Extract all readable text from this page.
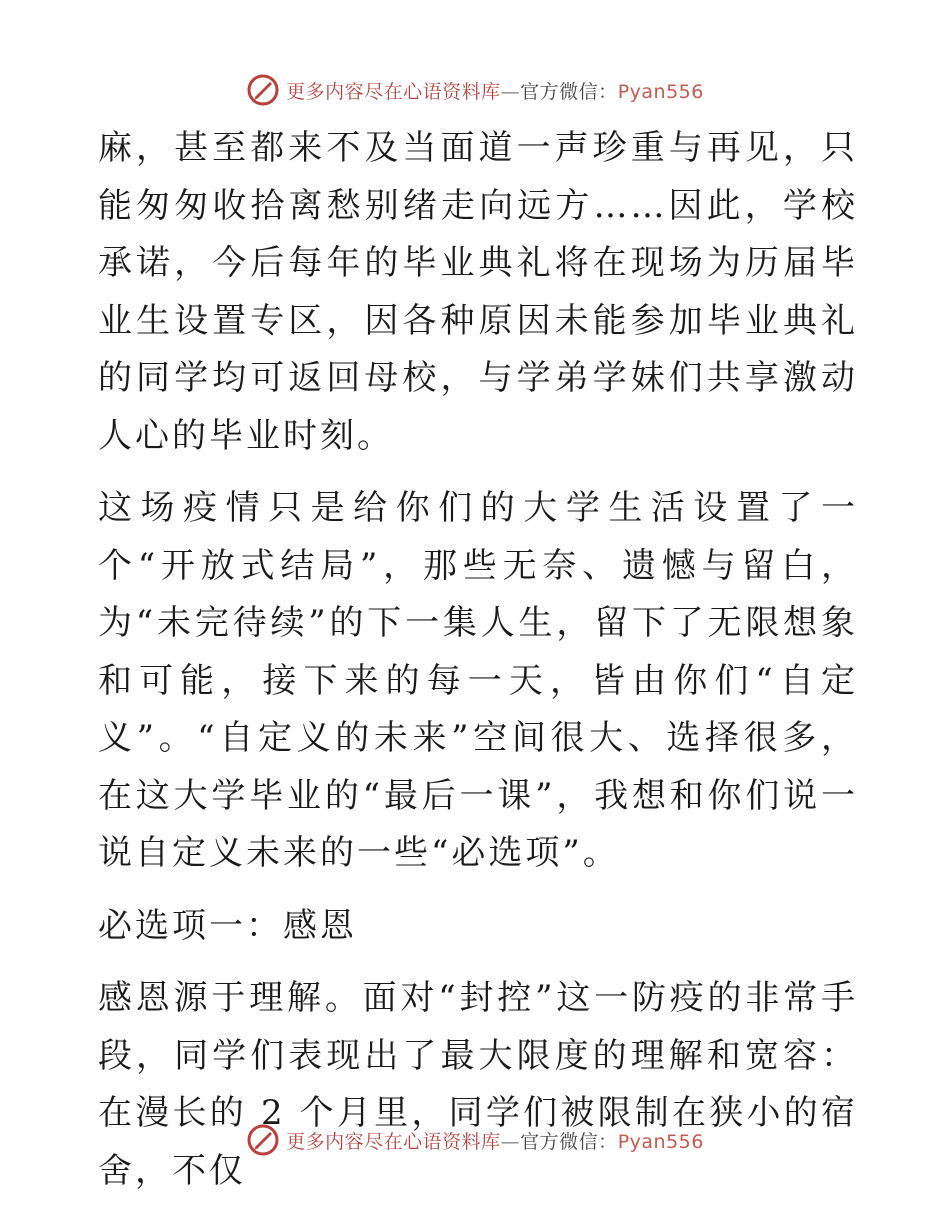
更多内容尽在心语资料库—官方微信：Pyan556

麻，甚至都来不及当面道一声珍重与再见，只能匆匆收拾离愁别绪走向远方……因此，学校承诺，今后每年的毕业典礼将在现场为历届毕业生设置专区，因各种原因未能参加毕业典礼的同学均可返回母校，与学弟学妹们共享激动人心的毕业时刻。

这场疫情只是给你们的大学生活设置了一个“开放式结局”，那些无奈、遗憾与留白，为“未完待续”的下一集人生，留下了无限想象和可能，接下来的每一天，皆由你们“自定义”。“自定义的未来”空间很大、选择很多，在这大学毕业的“最后一课”，我想和你们说一说自定义未来的一些“必选项”。

必选项一：感恩

感恩源于理解。面对“封控”这一防疫的非常手段，同学们表现出了最大限度的理解和宽容：在漫长的 2 个月里，同学们被限制在狭小的宿舍，不仅

更多内容尽在心语资料库—官方微信：Pyan556
